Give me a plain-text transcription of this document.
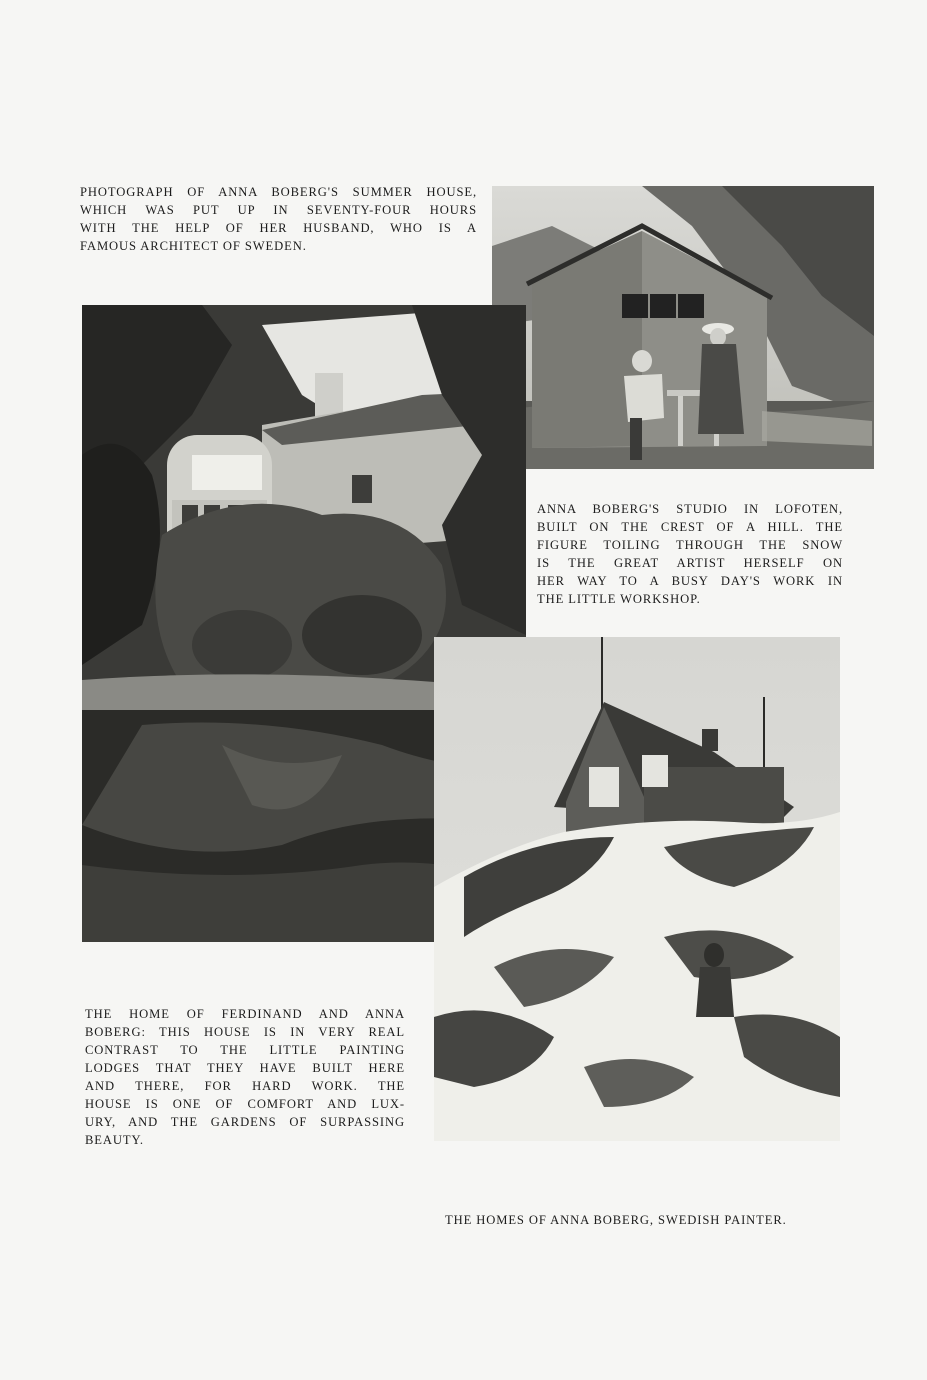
PHOTOGRAPH OF ANNA BOBERG'S SUMMER HOUSE,
WHICH WAS PUT UP IN SEVENTY-FOUR HOURS
WITH THE HELP OF HER HUSBAND, WHO IS A
FAMOUS ARCHITECT OF SWEDEN.
ANNA BOBERG'S STUDIO IN LOFOTEN,
BUILT ON THE CREST OF A HILL. THE
FIGURE TOILING THROUGH THE SNOW
IS THE GREAT ARTIST HERSELF ON
HER WAY TO A BUSY DAY'S WORK IN
THE LITTLE WORKSHOP.
THE HOME OF FERDINAND AND ANNA
BOBERG: THIS HOUSE IS IN VERY REAL
CONTRAST TO THE LITTLE PAINTING
LODGES THAT THEY HAVE BUILT HERE
AND THERE, FOR HARD WORK. THE
HOUSE IS ONE OF COMFORT AND LUX-
URY, AND THE GARDENS OF SURPASSING
BEAUTY.
THE HOMES OF ANNA BOBERG, SWEDISH PAINTER.
